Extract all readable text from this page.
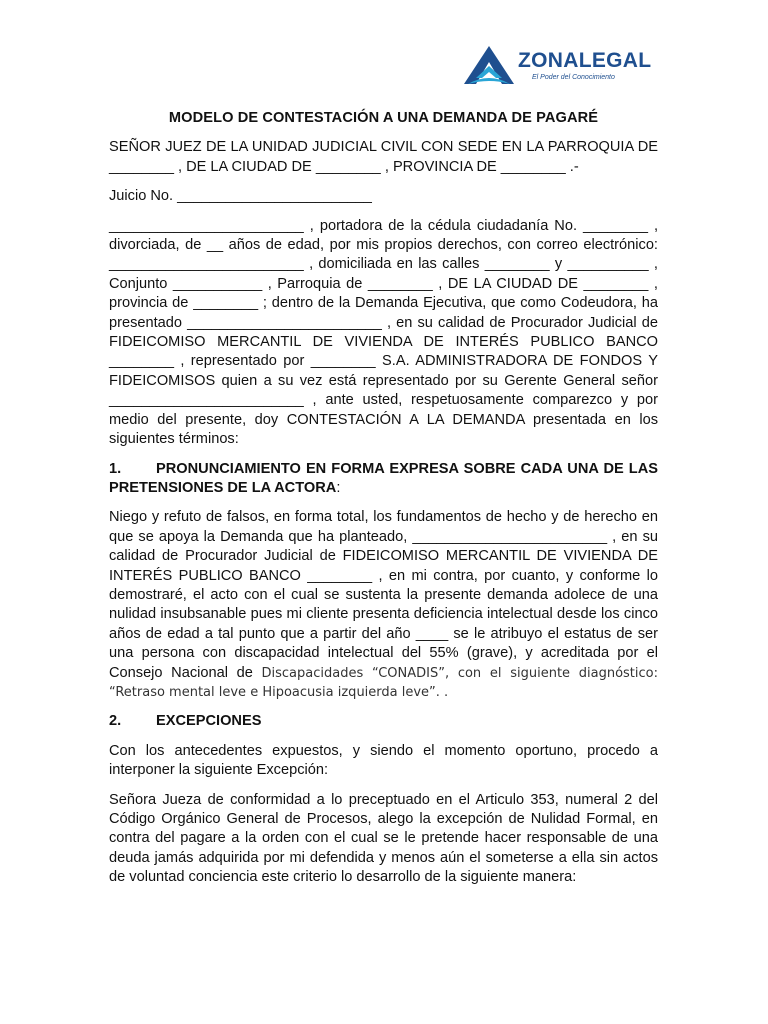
ZONALEGAL
El Poder del Conocimiento
MODELO DE CONTESTACIÓN A UNA DEMANDA DE PAGARÉ

SEÑOR JUEZ DE LA UNIDAD JUDICIAL CIVIL CON SEDE EN LA PARROQUIA DE ________ , DE LA CIUDAD DE ________ , PROVINCIA DE ________ .-

Juicio No. ________________________

________________________ , portadora de la cédula ciudadanía No. ________ , divorciada, de __ años de edad, por mis propios derechos, con correo electrónico: ________________________ , domiciliada en las calles ________ y __________ , Conjunto ___________ , Parroquia de ________ , DE LA CIUDAD DE ________ , provincia de ________ ; dentro de la Demanda Ejecutiva, que como Codeudora, ha presentado ________________________ , en su calidad de Procurador Judicial de FIDEICOMISO MERCANTIL DE VIVIENDA DE INTERÉS PUBLICO BANCO ________ , representado por ________ S.A. ADMINISTRADORA DE FONDOS Y FIDEICOMISOS quien a su vez está representado por su Gerente General señor ________________________ , ante usted, respetuosamente comparezco y por medio del presente, doy CONTESTACIÓN A LA DEMANDA presentada en los siguientes términos:

1. PRONUNCIAMIENTO EN FORMA EXPRESA SOBRE CADA UNA DE LAS PRETENSIONES DE LA ACTORA:

Niego y refuto de falsos, en forma total, los fundamentos de hecho y de herecho en que se apoya la Demanda que ha planteado, ________________________ , en su calidad de Procurador Judicial de FIDEICOMISO MERCANTIL DE VIVIENDA DE INTERÉS PUBLICO BANCO ________ , en mi contra, por cuanto, y conforme lo demostraré, el acto con el cual se sustenta la presente demanda adolece de una nulidad insubsanable pues mi cliente presenta deficiencia intelectual desde los cinco años de edad a tal punto que a partir del año ____ se le atribuyo el estatus de ser una persona con discapacidad intelectual del 55% (grave), y acreditada por el Consejo Nacional de Discapacidades “CONADIS”, con el siguiente diagnóstico: “Retraso mental leve e Hipoacusia izquierda leve”. .

2. EXCEPCIONES

Con los antecedentes expuestos, y siendo el momento oportuno, procedo a interponer la siguiente Excepción:

Señora Jueza de conformidad a lo preceptuado en el Articulo 353, numeral 2 del Código Orgánico General de Procesos, alego la excepción de Nulidad Formal, en contra del pagare a la orden con el cual se le pretende hacer responsable de una deuda jamás adquirida por mi defendida y menos aún el someterse a ella sin actos de voluntad conciencia este criterio lo desarrollo de la siguiente manera:
